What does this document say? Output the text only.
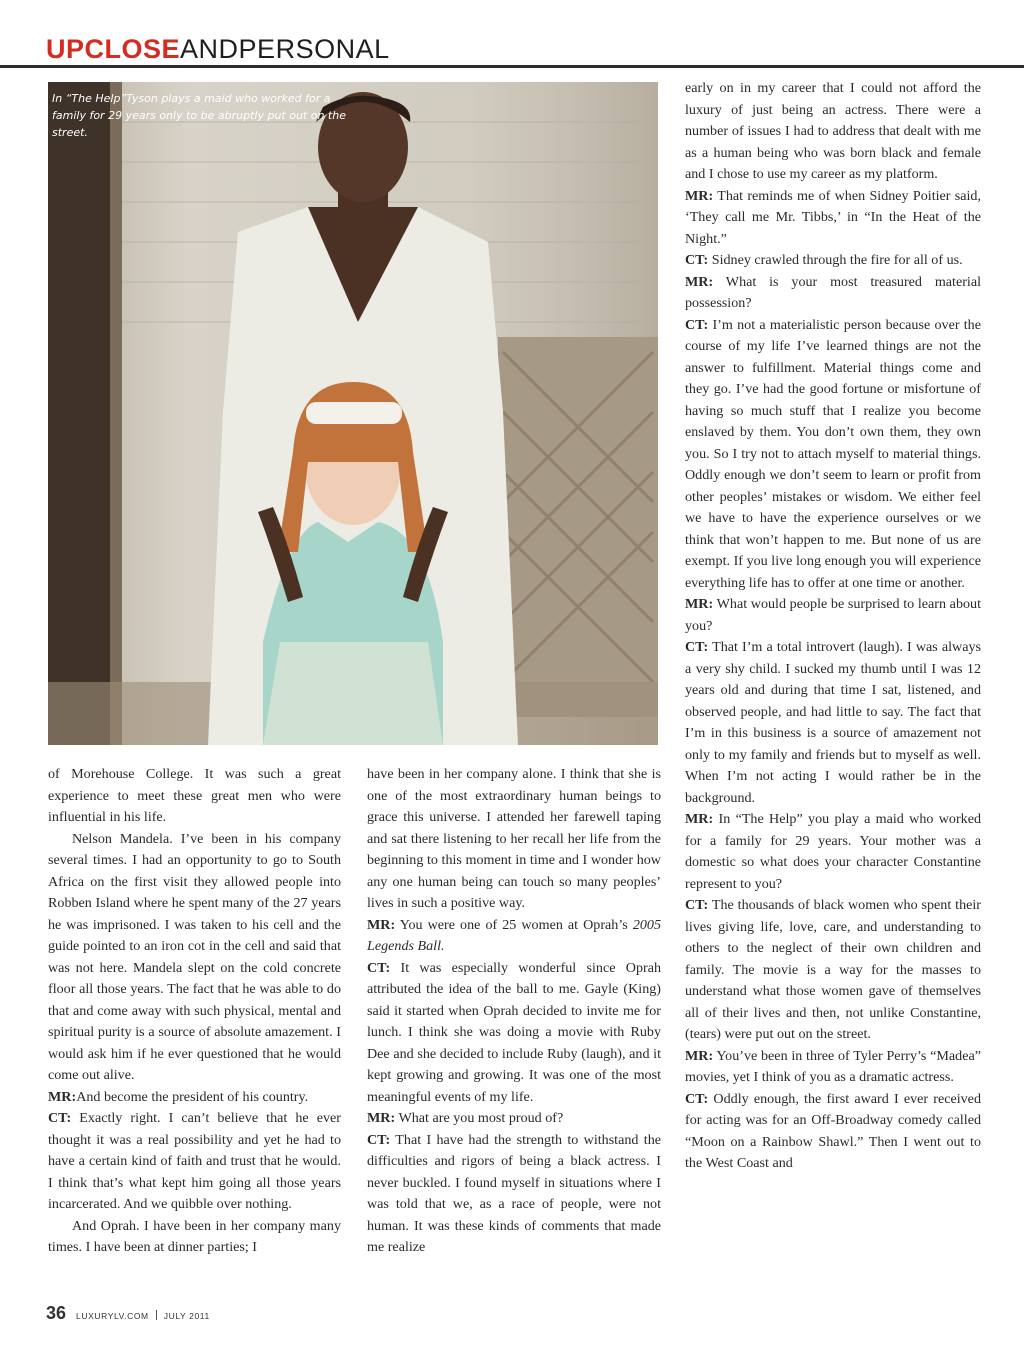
UPCLOSEANDPERSONAL
In “The Help”Tyson plays a maid who worked for a family for 29 years only to be abruptly put out on the street.

of Morehouse College. It was such a great experience to meet these great men who were influential in his life.

Nelson Mandela. I’ve been in his company several times. I had an opportunity to go to South Africa on the first visit they allowed people into Robben Island where he spent many of the 27 years he was imprisoned. I was taken to his cell and the guide pointed to an iron cot in the cell and said that was not here. Mandela slept on the cold concrete floor all those years. The fact that he was able to do that and come away with such physical, mental and spiritual purity is a source of absolute amazement. I would ask him if he ever questioned that he would come out alive.

MR:And become the president of his country.

CT: Exactly right. I can’t believe that he ever thought it was a real possibility and yet he had to have a certain kind of faith and trust that he would. I think that’s what kept him going all those years incarcerated. And we quibble over nothing.

And Oprah. I have been in her company many times. I have been at dinner parties; I

have been in her company alone. I think that she is one of the most extraordinary human beings to grace this universe. I attended her farewell taping and sat there listening to her recall her life from the beginning to this moment in time and I wonder how any one human being can touch so many peoples’ lives in such a positive way.

MR: You were one of 25 women at Oprah’s 2005 Legends Ball.

CT: It was especially wonderful since Oprah attributed the idea of the ball to me. Gayle (King) said it started when Oprah decided to invite me for lunch. I think she was doing a movie with Ruby Dee and she decided to include Ruby (laugh), and it kept growing and growing. It was one of the most meaningful events of my life.

MR: What are you most proud of?

CT: That I have had the strength to withstand the difficulties and rigors of being a black actress. I never buckled. I found myself in situations where I was told that we, as a race of people, were not human. It was these kinds of comments that made me realize

early on in my career that I could not afford the luxury of just being an actress. There were a number of issues I had to address that dealt with me as a human being who was born black and female and I chose to use my career as my platform.

MR: That reminds me of when Sidney Poitier said, ‘They call me Mr. Tibbs,’ in “In the Heat of the Night.”

CT: Sidney crawled through the fire for all of us.

MR: What is your most treasured material possession?

CT: I’m not a materialistic person because over the course of my life I’ve learned things are not the answer to fulfillment. Material things come and they go. I’ve had the good fortune or misfortune of having so much stuff that I realize you become enslaved by them. You don’t own them, they own you. So I try not to attach myself to material things. Oddly enough we don’t seem to learn or profit from other peoples’ mistakes or wisdom. We either feel we have to have the experience ourselves or we think that won’t happen to me. But none of us are exempt. If you live long enough you will experience everything life has to offer at one time or another.

MR: What would people be surprised to learn about you?

CT: That I’m a total introvert (laugh). I was always a very shy child. I sucked my thumb until I was 12 years old and during that time I sat, listened, and observed people, and had little to say. The fact that I’m in this business is a source of amazement not only to my family and friends but to myself as well. When I’m not acting I would rather be in the background.

MR: In “The Help” you play a maid who worked for a family for 29 years. Your mother was a domestic so what does your character Constantine represent to you?

CT: The thousands of black women who spent their lives giving life, love, care, and understanding to others to the neglect of their own children and family. The movie is a way for the masses to understand what those women gave of themselves all of their lives and then, not unlike Constantine, (tears) were put out on the street.

MR: You’ve been in three of Tyler Perry’s “Madea” movies, yet I think of you as a dramatic actress.

CT: Oddly enough, the first award I ever received for acting was for an Off-Broadway comedy called “Moon on a Rainbow Shawl.” Then I went out to the West Coast and

36 LUXURYLV.COM JULY 2011
